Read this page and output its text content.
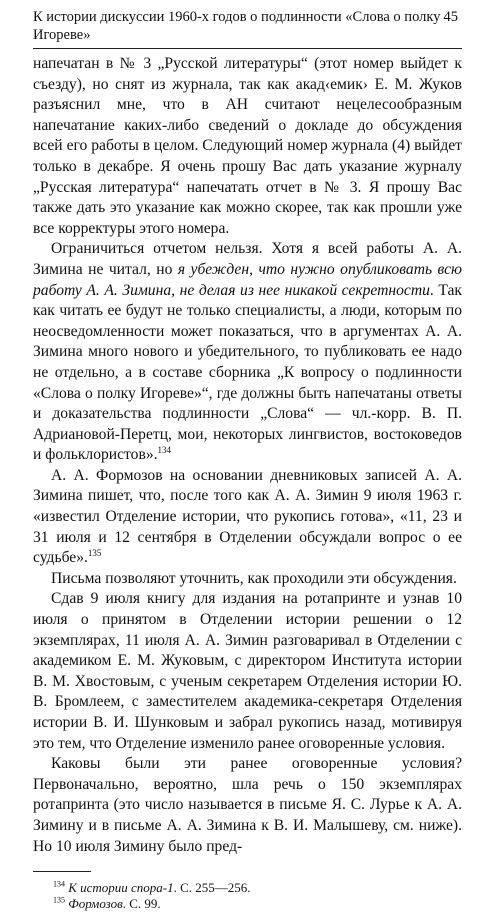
К истории дискуссии 1960-х годов о подлинности «Слова о полку Игореве»
45

напечатан в № 3 „Русской литературы“ (этот номер выйдет к съезду), но снят из журнала, так как акад‹емик› Е. М. Жуков разъяснил мне, что в АН считают нецелесообразным напечатание каких-либо сведений о докладе до обсуждения всей его работы в целом. Следующий номер журнала (4) выйдет только в декабре. Я очень прошу Вас дать указание журналу „Русская литература“ напечатать отчет в № 3. Я прошу Вас также дать это указание как можно скорее, так как прошли уже все корректуры этого номера.

Ограничиться отчетом нельзя. Хотя я всей работы А. А. Зимина не читал, но я убежден, что нужно опубликовать всю работу А. А. Зимина, не делая из нее никакой секретности. Так как читать ее будут не только специалисты, а люди, которым по неосведомленности может показаться, что в аргументах А. А. Зимина много нового и убедительного, то публиковать ее надо не отдельно, а в составе сборника „К вопросу о подлинности «Слова о полку Игореве»“, где должны быть напечатаны ответы и доказательства подлинности „Слова“ — чл.-корр. В. П. Адриановой-Перетц, мои, некоторых лингвистов, востоковедов и фольклористов».$^{134}$

А. А. Формозов на основании дневниковых записей А. А. Зимина пишет, что, после того как А. А. Зимин 9 июля 1963 г. «известил Отделение истории, что рукопись готова», «11, 23 и 31 июля и 12 сентября в Отделении обсуждали вопрос о ее судьбе».$^{135}$

Письма позволяют уточнить, как проходили эти обсуждения.

Сдав 9 июля книгу для издания на ротапринте и узнав 10 июля о принятом в Отделении истории решении о 12 экземплярах, 11 июля А. А. Зимин разговаривал в Отделении с академиком Е. М. Жуковым, с директором Института истории В. М. Хвостовым, с ученым секретарем Отделения истории Ю. В. Бромлеем, с заместителем академика-секретаря Отделения истории В. И. Шунковым и забрал рукопись назад, мотивируя это тем, что Отделение изменило ранее оговоренные условия.

Каковы были эти ранее оговоренные условия? Первоначально, вероятно, шла речь о 150 экземплярах ротапринта (это число называется в письме Я. С. Лурье к А. А. Зимину и в письме А. А. Зимина к В. И. Малышеву, см. ниже). Но 10 июля Зимину было пред-

$^{134}$ К истории спора-1. С. 255—256.
$^{135}$ Формозов. С. 99.
